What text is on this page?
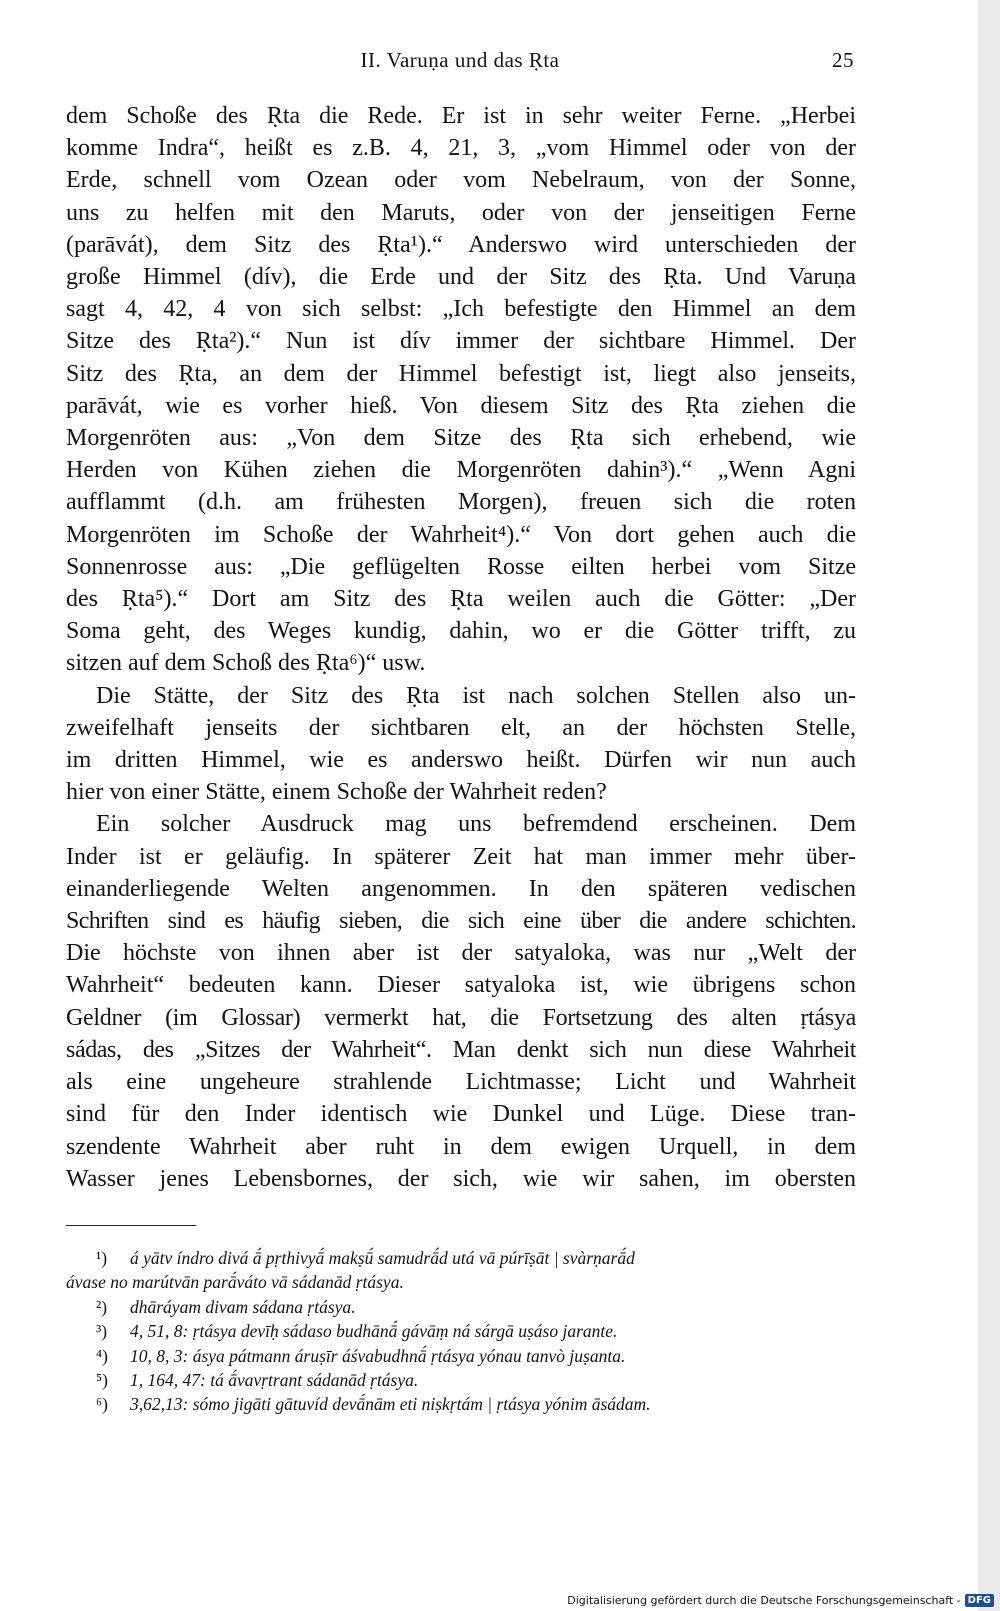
II. Varuṇa und das Ṛta	25
dem Schoße des Ṛta die Rede. Er ist in sehr weiter Ferne. „Herbei
komme Indra“, heißt es z.B. 4, 21, 3, „vom Himmel oder von der
Erde, schnell vom Ozean oder vom Nebelraum, von der Sonne,
uns zu helfen mit den Maruts, oder von der jenseitigen Ferne
(parāvát), dem Sitz des Ṛta¹).“ Anderswo wird unterschieden der
große Himmel (dív), die Erde und der Sitz des Ṛta. Und Varuṇa
sagt 4, 42, 4 von sich selbst: „Ich befestigte den Himmel an dem
Sitze des Ṛta²).“ Nun ist dív immer der sichtbare Himmel. Der
Sitz des Ṛta, an dem der Himmel befestigt ist, liegt also jenseits,
parāvát, wie es vorher hieß. Von diesem Sitz des Ṛta ziehen die
Morgenröten aus: „Von dem Sitze des Ṛta sich erhebend, wie
Herden von Kühen ziehen die Morgenröten dahin³).“ „Wenn Agni
aufflammt (d.h. am frühesten Morgen), freuen sich die roten
Morgenröten im Schoße der Wahrheit⁴).“ Von dort gehen auch die
Sonnenrosse aus: „Die geflügelten Rosse eilten herbei vom Sitze
des Ṛta⁵).“ Dort am Sitz des Ṛta weilen auch die Götter: „Der
Soma geht, des Weges kundig, dahin, wo er die Götter trifft, zu
sitzen auf dem Schoß des Ṛta⁶)“ usw.
Die Stätte, der Sitz des Ṛta ist nach solchen Stellen also un-
zweifelhaft jenseits der sichtbaren elt, an der höchsten Stelle,
im dritten Himmel, wie es anderswo heißt. Dürfen wir nun auch
hier von einer Stätte, einem Schoße der Wahrheit reden?
Ein solcher Ausdruck mag uns befremdend erscheinen. Dem
Inder ist er geläufig. In späterer Zeit hat man immer mehr über-
einanderliegende Welten angenommen. In den späteren vedischen
Schriften sind es häufig sieben, die sich eine über die andere schichten.
Die höchste von ihnen aber ist der satyaloka, was nur „Welt der
Wahrheit“ bedeuten kann. Dieser satyaloka ist, wie übrigens schon
Geldner (im Glossar) vermerkt hat, die Fortsetzung des alten ṛtásya
sádas, des „Sitzes der Wahrheit“. Man denkt sich nun diese Wahrheit
als eine ungeheure strahlende Lichtmasse; Licht und Wahrheit
sind für den Inder identisch wie Dunkel und Lüge. Diese tran-
szendente Wahrheit aber ruht in dem ewigen Urquell, in dem
Wasser jenes Lebensbornes, der sich, wie wir sahen, im obersten
¹) á yātv índro divá ā́ pṛthivyā́ makṣū́ samudrā́d utá vā púrīṣāt | svàrṇarā́d
ávase no marútvān parā́váto vā sádanād ṛtásya.
²) dhāráyam divam sádana ṛtásya.
³) 4, 51, 8: ṛtásya devīḥ sádaso budhānā́ gávāṃ ná sárgā uṣáso jarante.
⁴) 10, 8, 3: ásya pátmann áruṣīr áśvabudhnā́ ṛtásya yónau tanvò juṣanta.
⁵) 1, 164, 47: tá ā́vavṛtrant sádanād ṛtásya.
⁶) 3,62,13: sómo jigāti gātuvíd devā́nām eti niṣkṛtám | ṛtásya yónim āsádam.
Digitalisierung gefördert durch die Deutsche Forschungsgemeinschaft - DFG
